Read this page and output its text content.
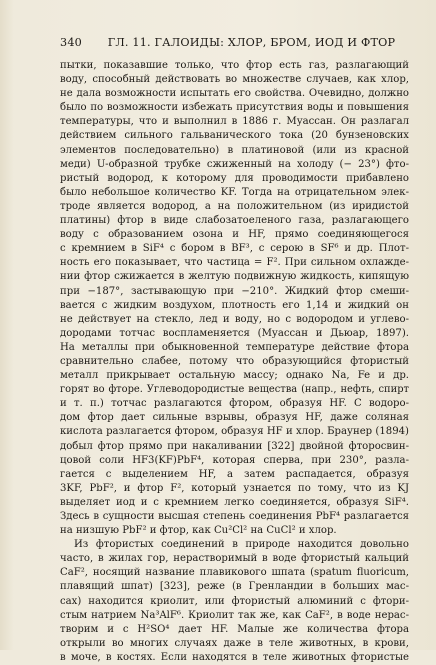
340	ГЛ. 11. ГАЛОИДЫ: ХЛОР, БРОМ, ИОД И ФТОР
пытки, показавшие только, что фтор есть газ, разлагающий
воду, способный действовать во множестве случаев, как хлор,
не дала возможности испытать его свойства. Очевидно, должно
было по возможности избежать присутствия воды и повышения
температуры, что и выполнил в 1886 г. Муассан. Он разлагал
действием сильного гальванического тока (20 бунзеновских
элементов последовательно) в платиновой (или из красной
меди) U-образной трубке сжиженный на холоду (− 23°) фто-
ристый водород, к которому для проводимости прибавлено
было небольшое количество KF. Тогда на отрицательном элек-
троде является водород, а на положительном (из иридистой
платины) фтор в виде слабозатоеленого газа, разлагающего
воду с образованием озона и HF, прямо соединяющегося
с кремнием в SiF⁴ с бором в BF³, с серою в SF⁶ и др. Плот-
ность его показывает, что частица = F². При сильном охлажде-
нии фтор сжижается в желтую подвижную жидкость, кипящую
при −187°, застывающую при −210°. Жидкий фтор смеши-
вается с жидким воздухом, плотность его 1,14 и жидкий он
не действует на стекло, лед и воду, но с водородом и углево-
дородами тотчас воспламеняется (Муассан и Дьюар, 1897).
На металлы при обыкновенной температуре действие фтора
сравнительно слабее, потому что образующийся фтористый
металл прикрывает остальную массу; однако Na, Fe и др.
горят во фторе. Углеводородистые вещества (напр., нефть, спирт
и т. п.) тотчас разлагаются фтором, образуя HF. С водоро-
дом фтор дает сильные взрывы, образуя HF, даже соляная
кислота разлагается фтором, образуя HF и хлор. Браунер (1894)
добыл фтор прямо при накаливании [322] двойной фторосвин-
цовой соли HF3(KF)PbF⁴, которая сперва, при 230°, разла-
гается с выделением HF, а затем распадается, образуя
3KF, PbF², и фтор F², который узнается по тому, что из KJ
выделяет иод и с кремнием легко соединяется, образуя SiF⁴.
Здесь в сущности высшая степень соединения PbF⁴ разлагается
на низшую PbF² и фтор, как Cu²Cl² на CuCl² и хлор.
Из фтористых соединений в природе находится довольно
часто, в жилах гор, нерастворимый в воде фтористый кальций
CaF², носящий название плавикового шпата (spatum fluoricum,
плавящий шпат) [323], реже (в Гренландии в больших мас-
сах) находится криолит, или фтористый алюминий с фтори-
стым натрием Na³AlF⁶. Криолит так же, как CaF², в воде нерас-
творим и с H²SO⁴ дает HF. Малые же количества фтора
открыли во многих случаях даже в теле животных, в крови,
в моче, в костях. Если находятся в теле животных фтористые
